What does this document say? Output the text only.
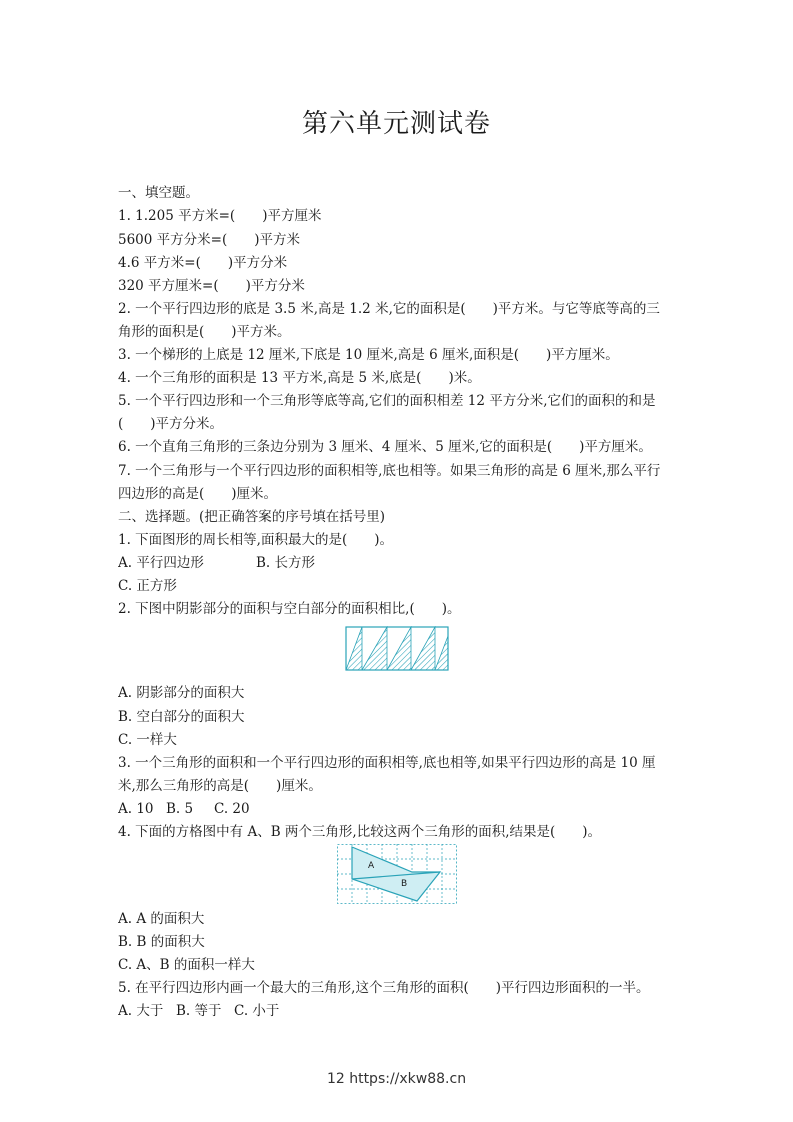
第六单元测试卷
一、填空题。
1. 1.205 平方米=(　　)平方厘米
5600 平方分米=(　　)平方米
4.6 平方米=(　　)平方分米
320 平方厘米=(　　)平方分米
2. 一个平行四边形的底是 3.5 米,高是 1.2 米,它的面积是(　　)平方米。与它等底等高的三
角形的面积是(　　)平方米。
3. 一个梯形的上底是 12 厘米,下底是 10 厘米,高是 6 厘米,面积是(　　)平方厘米。
4. 一个三角形的面积是 13 平方米,高是 5 米,底是(　　)米。
5. 一个平行四边形和一个三角形等底等高,它们的面积相差 12 平方分米,它们的面积的和是
(　　)平方分米。
6. 一个直角三角形的三条边分别为 3 厘米、4 厘米、5 厘米,它的面积是(　　)平方厘米。
7. 一个三角形与一个平行四边形的面积相等,底也相等。如果三角形的高是 6 厘米,那么平行
四边形的高是(　　)厘米。
二、选择题。(把正确答案的序号填在括号里)
1. 下面图形的周长相等,面积最大的是(　　)。
A. 平行四边形	B. 长方形
C. 正方形
2. 下图中阴影部分的面积与空白部分的面积相比,(　　)。
A. 阴影部分的面积大
B. 空白部分的面积大
C. 一样大
3. 一个三角形的面积和一个平行四边形的面积相等,底也相等,如果平行四边形的高是 10 厘
米,那么三角形的高是(　　)厘米。
A. 10 B. 5 C. 20
4. 下面的方格图中有 A、B 两个三角形,比较这两个三角形的面积,结果是(　　)。
A
B
A. A 的面积大
B. B 的面积大
C. A、B 的面积一样大
5. 在平行四边形内画一个最大的三角形,这个三角形的面积(　　)平行四边形面积的一半。
A. 大于 B. 等于 C. 小于
12 https://xkw88.cn
